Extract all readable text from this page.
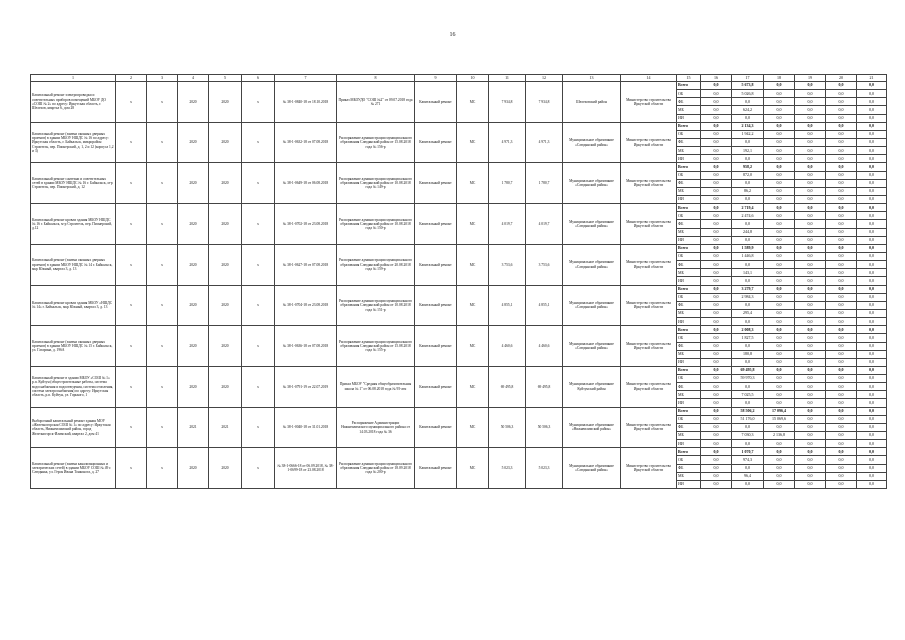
16
1	2	3	4	5	6	7	8	9	10	11	12	13	14	15	16	17	18	19	20	21
Капитальный ремонт электропроводки и осветительных приборов помещений МБОУ ДО «СОШ № 2» по адресу: Иркутская область, г. Шелехов, квартал 6, дом 28	х	х	2020	2020	х	№ 38-1-0840-18 от 18.10.2018	Приказ МБОУДО "СОШ №2" от 09.07.2018 года № 271	Капитальный ремонт	МС	7 934,8	7 934,8	Шелеховский район	Министерство строительства Иркутской области	Всего	0,0	5 673,8	0,0	0,0	0,0	0,0
														ОБ	0,0	5 026,8	0,0	0,0	0,0	0,0
														ФБ	0,0	0,0	0,0	0,0	0,0	0,0
														МБ	0,0	624,2	0,0	0,0	0,0	0,0
														ИИ	0,0	0,0	0,0	0,0	0,0	0,0
Капитальный ремонт (замена оконных дверных проемов) в здании МБОУ НШДС № 16 по адресу: Иркутская область, г. Байкальск, микрорайон Строитель, пер. Пионерский, д. 1, 2 и 12 (корпуса 1,2 и 3)	х	х	2020	2020	х	№ 38-1-0632-18 от 07.08.2018	Распоряжение администрации муниципального образования Слюдянский район от 15.08.2018 года № 156-р	Капитальный ремонт	МС	4 971,3	4 971,3	Муниципальное образование «Слюдянский район»	Министерство строительства Иркутской области	Всего	0,0	2 134,3	0,0	0,0	0,0	0,0
														ОБ	0,0	1 942,2	0,0	0,0	0,0	0,0
														ФБ	0,0	0,0	0,0	0,0	0,0	0,0
														МБ	0,0	192,1	0,0	0,0	0,0	0,0
														ИИ	0,0	0,0	0,0	0,0	0,0	0,0
Капитальный ремонт сантехни и осветительных сетей в здании МБОУ НШДС № 16 г. Байкальск, м-р Строитель, пер. Пионерский, д. 12	х	х	2020	2020	х	№ 38-1-0649-18 от 06.08.2018	Распоряжение администрации муниципального образования Слюдянский район от 10.08.2018 года № 149-р	Капитальный ремонт	МС	1 780,7	1 780,7	Муниципальное образование «Слюдянский район»	Министерство строительства Иркутской области	Всего	0,0	958,2	0,0	0,0	0,0	0,0
														ОБ	0,0	872,0	0,0	0,0	0,0	0,0
														ФБ	0,0	0,0	0,0	0,0	0,0	0,0
														МБ	0,0	86,2	0,0	0,0	0,0	0,0
														ИИ	0,0	0,0	0,0	0,0	0,0	0,0
Капитальный ремонт кровли здания МБОУ НШДС № 16 г. Байкальск, м-р Строитель, пер. Пионерский, д.12	х	х	2020	2020	х	№ 38-1-0702-18 от 23.08.2018	Распоряжение администрации муниципального образования Слюдянский район от 10.08.2018 года № 150-р	Капитальный ремонт	МС	4 019,7	4 019,7	Муниципальное образование «Слюдянский район»	Министерство строительства Иркутской области	Всего	0,0	2 719,4	0,0	0,0	0,0	0,0
														ОБ	0,0	2 474,6	0,0	0,0	0,0	0,0
														ФБ	0,0	0,0	0,0	0,0	0,0	0,0
														МБ	0,0	244,8	0,0	0,0	0,0	0,0
														ИИ	0,0	0,0	0,0	0,0	0,0	0,0
Капитальный ремонт (замена оконных дверных проемов) в здании МБОУ НШДС № 14 г. Байкальск, мкр Южный, квартал 3, д. 13	х	х	2020	2020	х	№ 38-1-0627-18 от 07.08.2018	Распоряжение администрации муниципального образования Слюдянский район от 20.08.2018 года № 159-р	Капитальный ремонт	МС	3 753,6	3 753,6	Муниципальное образование «Слюдянский район»	Министерство строительства Иркутской области	Всего	0,0	1 589,9	0,0	0,0	0,0	0,0
														ОБ	0,0	1 446,8	0,0	0,0	0,0	0,0
														ФБ	0,0	0,0	0,0	0,0	0,0	0,0
														МБ	0,0	143,1	0,0	0,0	0,0	0,0
														ИИ	0,0	0,0	0,0	0,0	0,0	0,0
Капитальный ремонт кровли здания МБОУ «НШДС № 14» г. Байкальск, мкр Южный, квартал 3, д. 13	х	х	2020	2020	х	№ 38-1-0704-18 от 23.08.2018	Распоряжение администрации муниципального образования Слюдянский район от 10.08.2018 года № 151-р	Капитальный ремонт	МС	4 855,1	4 855,1	Муниципальное образование «Слюдянский район»	Министерство строительства Иркутской области	Всего	0,0	3 279,7	0,0	0,0	0,0	0,0
														ОБ	0,0	2 984,3	0,0	0,0	0,0	0,0
														ФБ	0,0	0,0	0,0	0,0	0,0	0,0
														МБ	0,0	295,4	0,0	0,0	0,0	0,0
														ИИ	0,0	0,0	0,0	0,0	0,0	0,0
Капитальный ремонт (замена оконных дверных проемов) в здании МБОУ НШДС № 15 г. Байкальск, ул. Гагарина, д. 196А	х	х	2020	2020	х	№ 38-1-0636-18 от 07.08.2018	Распоряжение администрации муниципального образования Слюдянский район от 15.08.2018 года № 155-р	Капитальный ремонт	МС	4 460,6	4 460,6	Муниципальное образование «Слюдянский район»	Министерство строительства Иркутской области	Всего	0,0	2 008,3	0,0	0,0	0,0	0,0
														ОБ	0,0	1 827,5	0,0	0,0	0,0	0,0
														ФБ	0,0	0,0	0,0	0,0	0,0	0,0
														МБ	0,0	180,8	0,0	0,0	0,0	0,0
														ИИ	0,0	0,0	0,0	0,0	0,0	0,0
Капитальный ремонт в здании МБОУ «СОШ № 1» р.п. Куйтун (общестроительные работы, система водоснабжения и водоотведения, система отопления, система электроснабжения) по адресу: Иркутская область, р.п. Куйтун, ул. Горького, 1	х	х	2020	2020	х	№ 38-1-0791-19 от 22.07.2019	Приказ МБОУ "Средняя общеобразовательная школа № 1" от 06.08.2018 года № 95-ахч	Капитальный ремонт	МС	69 495,8	69 495,8	Муниципальное образование Куйтунский район	Министерство строительства Иркутской области	Всего	0,0	69 495,8	0,0	0,0	0,0	0,0
														ОБ	0,0	59 970,3	0,0	0,0	0,0	0,0
														ФБ	0,0	0,0	0,0	0,0	0,0	0,0
														МБ	0,0	7 025,5	0,0	0,0	0,0	0,0
														ИИ	0,0	0,0	0,0	0,0	0,0	0,0
Выборочный капитальный ремонт здания МОУ «Железногорская СОШ № 1» по адресу: Иркутская область, Нижнеилимский район, город Железногорск-Илимский, квартал 2, дом 41	х	х	2021	2021	х	№ 38-1-0040-18 от 31.01.2018	Распоряжение Администрации Нижнеилимского муниципального района от 14.03.2018 года № 36	Капитальный ремонт	МС	50 506,3	50 506,3	Муниципальное образование «Нижнеилимский район»	Министерство строительства Иркутской области	Всего	0,0	58 506,2	17 096,4	0,0	0,0	0,0
														ОБ	0,0	51 176,0	15 069,6	0,0	0,0	0,0
														ФБ	0,0	0,0	0,0	0,0	0,0	0,0
														МБ	0,0	7 030,3	2 136,8	0,0	0,0	0,0
														ИИ	0,0	0,0	0,0	0,0	0,0	0,0
Капитальный ремонт (замена канализационных и электрических сетей) в здании МБОУ СОШ № 49 г. Слюдянка, ул. Героя Ивана Тонконога, д. 27	х	х	2020	2020	х	№ 38-1-0666-18 от 06.09.2018, № 38-1-0699-18 от 23.08.2018	Распоряжение администрации муниципального образования Слюдянский район от 18.09.2018 года № 200-р	Капитальный ремонт	МС	5 023,3	5 023,3	Муниципальное образование «Слюдянский район»	Министерство строительства Иркутской области	Всего	0,0	1 070,7	0,0	0,0	0,0	0,0
														ОБ	0,0	974,3	0,0	0,0	0,0	0,0
														ФБ	0,0	0,0	0,0	0,0	0,0	0,0
														МБ	0,0	96,4	0,0	0,0	0,0	0,0
														ИИ	0,0	0,0	0,0	0,0	0,0	0,0
